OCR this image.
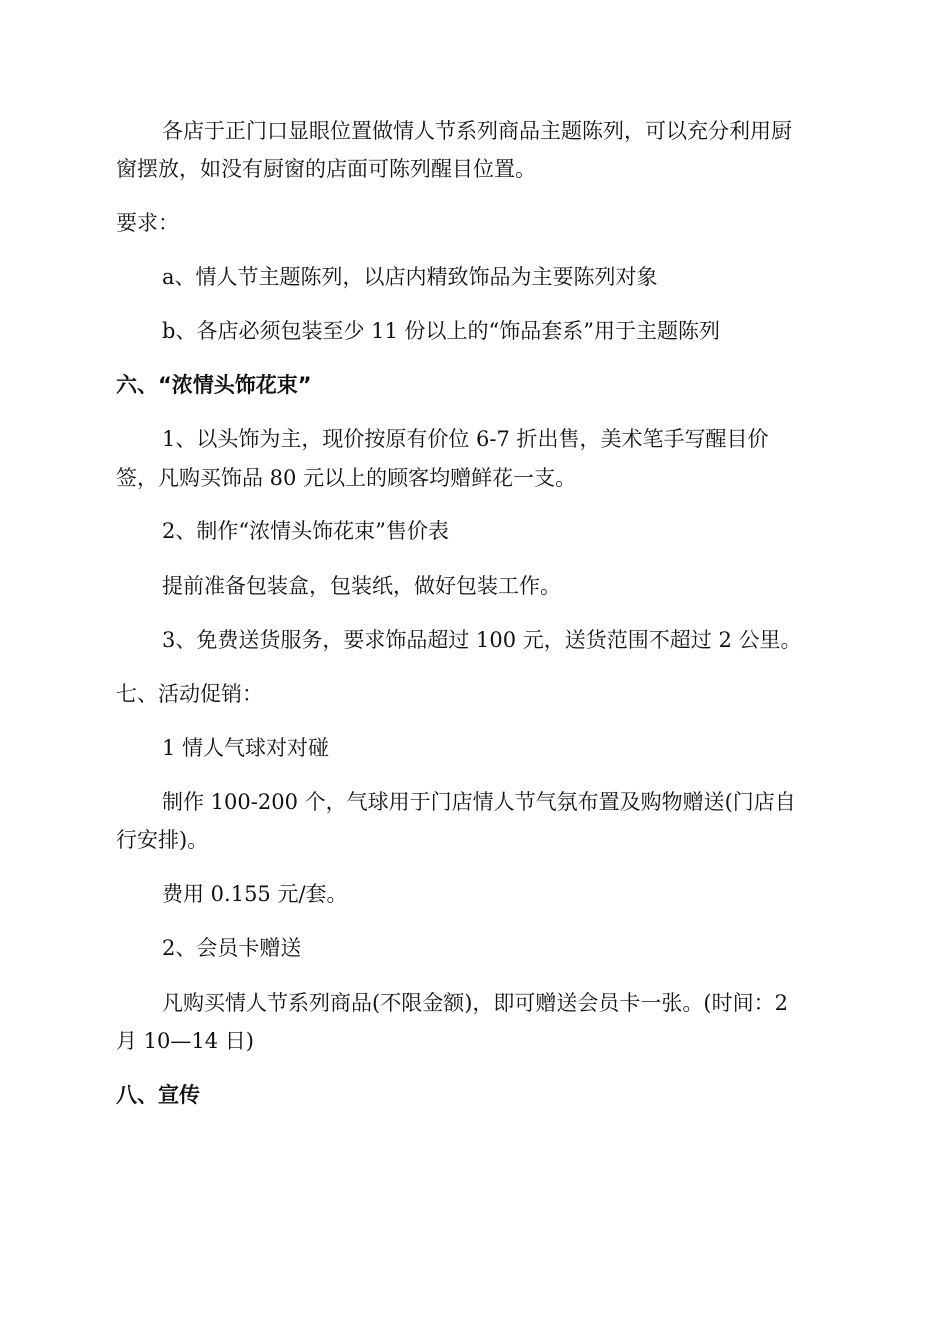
各店于正门口显眼位置做情人节系列商品主题陈列，可以充分利用厨
窗摆放，如没有厨窗的店面可陈列醒目位置。
要求：
a、情人节主题陈列，以店内精致饰品为主要陈列对象
b、各店必须包装至少 11 份以上的“饰品套系”用于主题陈列
六、“浓情头饰花束”
1、以头饰为主，现价按原有价位 6-7 折出售，美术笔手写醒目价
签，凡购买饰品 80 元以上的顾客均赠鲜花一支。
2、制作“浓情头饰花束”售价表
提前准备包装盒，包装纸，做好包装工作。
3、免费送货服务，要求饰品超过 100 元，送货范围不超过 2 公里。
七、活动促销：
1 情人气球对对碰
制作 100-200 个，气球用于门店情人节气氛布置及购物赠送(门店自
行安排)。
费用 0.155 元/套。
2、会员卡赠送
凡购买情人节系列商品(不限金额)，即可赠送会员卡一张。(时间：2
月 10—14 日)
八、宣传
